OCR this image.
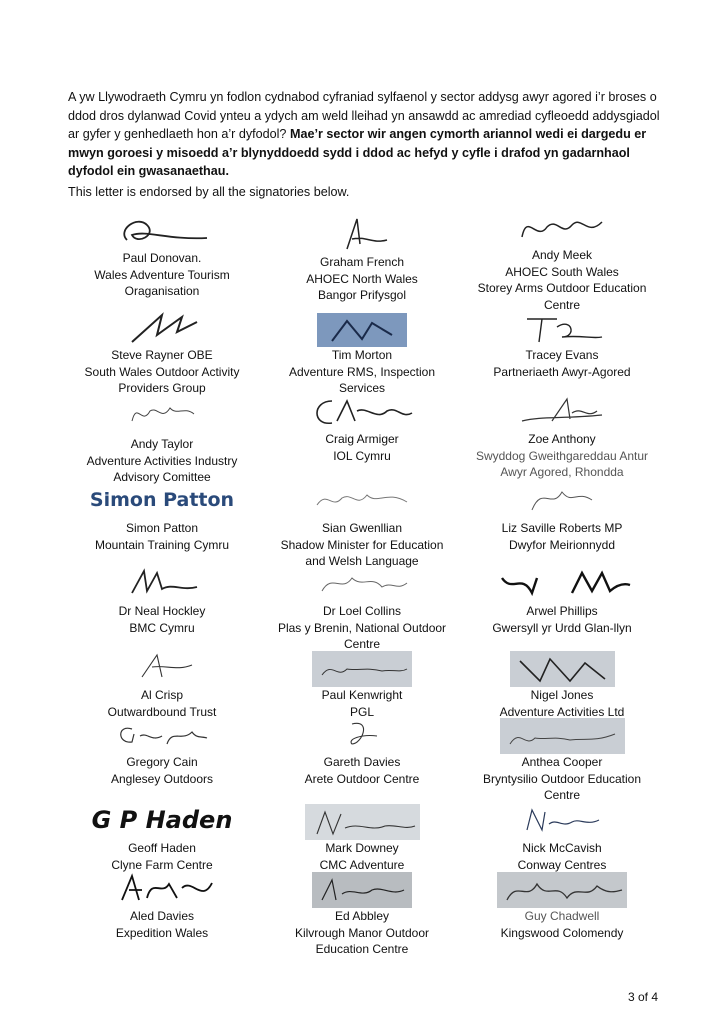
A yw Llywodraeth Cymru yn fodlon cydnabod cyfraniad sylfaenol y sector addysg awyr agored i’r broses o ddod dros dylanwad Covid ynteu a ydych am weld lleihad yn ansawdd ac amrediad cyfleoedd addysgiadol ar gyfer y genhedlaeth hon a’r dyfodol? Mae’r sector wir angen cymorth ariannol wedi ei dargedu er mwyn goroesi y misoedd a’r blynyddoedd sydd i ddod ac hefyd y cyfle i drafod yn gadarnhaol dyfodol ein gwasanaethau.

This letter is endorsed by all the signatories below.

Paul Donovan.
Wales Adventure Tourism
Oraganisation
Graham French
AHOEC North Wales
Bangor Prifysgol
Andy Meek
AHOEC South Wales
Storey Arms Outdoor Education
Centre
Steve Rayner OBE
South Wales Outdoor Activity
Providers Group
Tim Morton
Adventure RMS, Inspection
Services
Tracey Evans
Partneriaeth Awyr-Agored
Andy Taylor
Adventure Activities Industry
Advisory Comittee
Craig Armiger
IOL Cymru
Zoe Anthony
Swyddog Gweithgareddau Antur
Awyr Agored, Rhondda
Simon Patton
Simon Patton
Mountain Training Cymru
Sian Gwenllian
Shadow Minister for Education
and Welsh Language
Liz Saville Roberts MP
Dwyfor Meirionnydd
Dr Neal Hockley
BMC Cymru
Dr Loel Collins
Plas y Brenin, National Outdoor
Centre
Arwel Phillips
Gwersyll yr Urdd Glan-llyn
Al Crisp
Outwardbound Trust
Paul Kenwright
PGL
Nigel Jones
Adventure Activities Ltd
Gregory Cain
Anglesey Outdoors
Gareth Davies
Arete Outdoor Centre
Anthea Cooper
Bryntysilio Outdoor Education
Centre
G P Haden
Geoff Haden
Clyne Farm Centre
Mark Downey
CMC Adventure
Nick McCavish
Conway Centres
Aled Davies
Expedition Wales
Ed Abbley
Kilvrough Manor Outdoor
Education Centre
Guy Chadwell
Kingswood Colomendy
3 of 4
